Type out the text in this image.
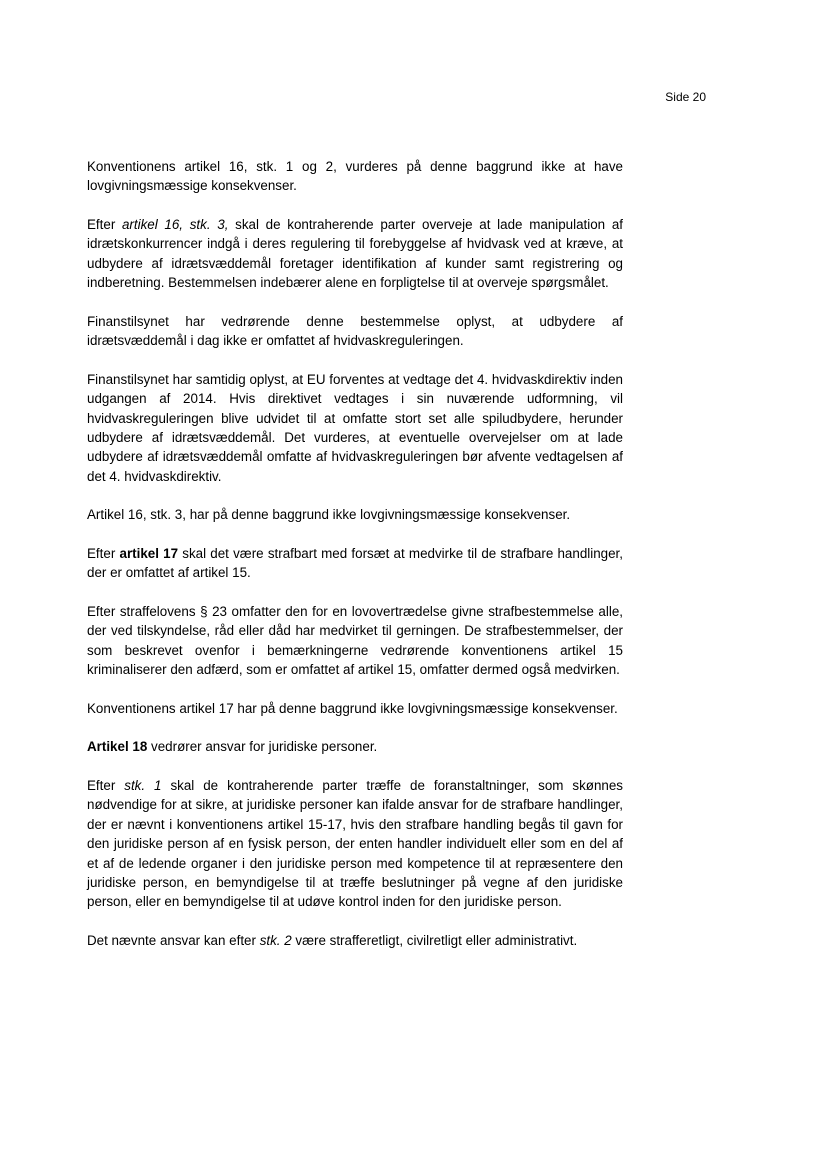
Side 20

Konventionens artikel 16, stk. 1 og 2, vurderes på denne baggrund ikke at have lovgivningsmæssige konsekvenser.

Efter artikel 16, stk. 3, skal de kontraherende parter overveje at lade manipulation af idrætskonkurrencer indgå i deres regulering til forebyggelse af hvidvask ved at kræve, at udbydere af idrætsvæddemål foretager identifikation af kunder samt registrering og indberetning. Bestemmelsen indebærer alene en forpligtelse til at overveje spørgsmålet.

Finanstilsynet har vedrørende denne bestemmelse oplyst, at udbydere af idrætsvæddemål i dag ikke er omfattet af hvidvaskreguleringen.

Finanstilsynet har samtidig oplyst, at EU forventes at vedtage det 4. hvidvaskdirektiv inden udgangen af 2014. Hvis direktivet vedtages i sin nuværende udformning, vil hvidvaskreguleringen blive udvidet til at omfatte stort set alle spiludbydere, herunder udbydere af idrætsvæddemål. Det vurderes, at eventuelle overvejelser om at lade udbydere af idrætsvæddemål omfatte af hvidvaskreguleringen bør afvente vedtagelsen af det 4. hvidvaskdirektiv.

Artikel 16, stk. 3, har på denne baggrund ikke lovgivningsmæssige konsekvenser.

Efter artikel 17 skal det være strafbart med forsæt at medvirke til de strafbare handlinger, der er omfattet af artikel 15.

Efter straffelovens § 23 omfatter den for en lovovertrædelse givne strafbestemmelse alle, der ved tilskyndelse, råd eller dåd har medvirket til gerningen. De strafbestemmelser, der som beskrevet ovenfor i bemærkningerne vedrørende konventionens artikel 15 kriminaliserer den adfærd, som er omfattet af artikel 15, omfatter dermed også medvirken.

Konventionens artikel 17 har på denne baggrund ikke lovgivningsmæssige konsekvenser.

Artikel 18 vedrører ansvar for juridiske personer.

Efter stk. 1 skal de kontraherende parter træffe de foranstaltninger, som skønnes nødvendige for at sikre, at juridiske personer kan ifalde ansvar for de strafbare handlinger, der er nævnt i konventionens artikel 15-17, hvis den strafbare handling begås til gavn for den juridiske person af en fysisk person, der enten handler individuelt eller som en del af et af de ledende organer i den juridiske person med kompetence til at repræsentere den juridiske person, en bemyndigelse til at træffe beslutninger på vegne af den juridiske person, eller en bemyndigelse til at udøve kontrol inden for den juridiske person.

Det nævnte ansvar kan efter stk. 2 være strafferetligt, civilretligt eller administrativt.
